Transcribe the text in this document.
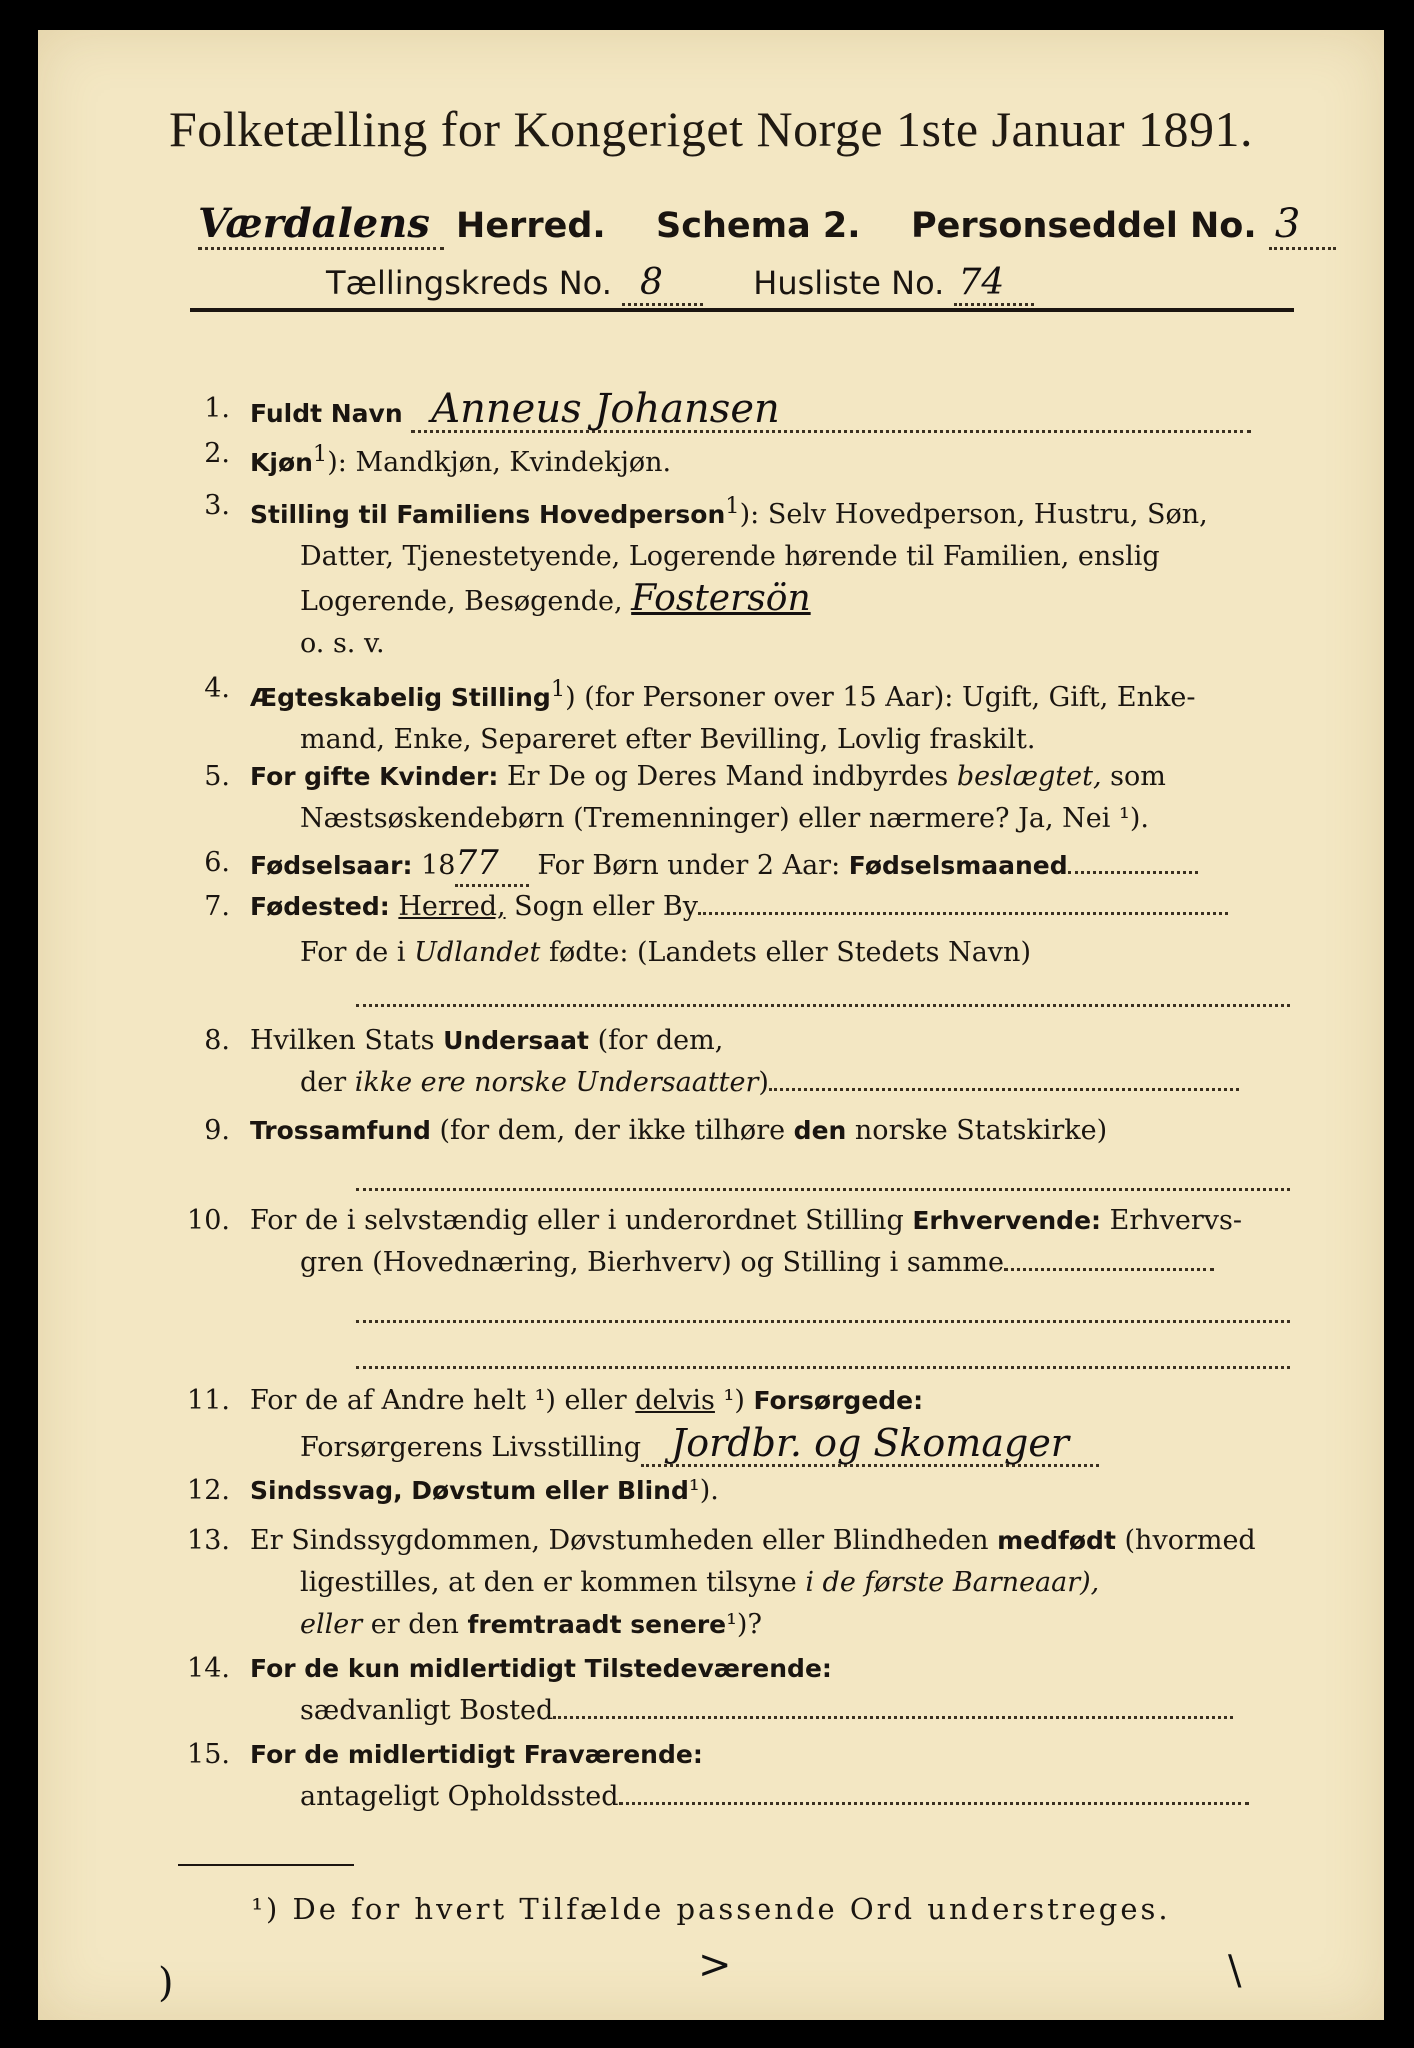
Folketælling for Kongeriget Norge 1ste Januar 1891.
Værdalens Herred. Schema 2. Personseddel No. 3
Tællingskreds No. 8	Husliste No. 74
1. Fuldt Navn Anneus Johansen
2. Kjøn$^1$): Mandkjøn, Kvindekjøn.
3. Stilling til Familiens Hovedperson$^1$): Selv Hovedperson, Hustru, Søn,
Datter, Tjenestetyende, Logerende hørende til Familien, enslig
Logerende, Besøgende, Fostersön
o. s. v.
4. Ægteskabelig Stilling$^1$) (for Personer over 15 Aar): Ugift, Gift, Enke-
mand, Enke, Separeret efter Bevilling, Lovlig fraskilt.
5. For gifte Kvinder: Er De og Deres Mand indbyrdes beslægtet, som
Næstsøskendebørn (Tremenninger) eller nærmere? Ja, Nei ¹).
6. Fødselsaar: 1877 For Børn under 2 Aar: Fødselsmaaned
7. Fødested: Herred, Sogn eller By
For de i Udlandet fødte: (Landets eller Stedets Navn)
8. Hvilken Stats Undersaat (for dem,
der ikke ere norske Undersaatter)
9. Trossamfund (for dem, der ikke tilhøre den norske Statskirke)
10. For de i selvstændig eller i underordnet Stilling Erhvervende: Erhvervs-
gren (Hovednæring, Bierhverv) og Stilling i samme
11. For de af Andre helt ¹) eller delvis ¹) Forsørgede:
Forsørgerens Livsstilling Jordbr. og Skomager
12. Sindssvag, Døvstum eller Blind¹).
13. Er Sindssygdommen, Døvstumheden eller Blindheden medfødt (hvormed
ligestilles, at den er kommen tilsyne i de første Barneaar),
eller er den fremtraadt senere¹)?
14. For de kun midlertidigt Tilstedeværende:
sædvanligt Bosted
15. For de midlertidigt Fraværende:
antageligt Opholdssted
¹) De for hvert Tilfælde passende Ord understreges.
)	>	\
